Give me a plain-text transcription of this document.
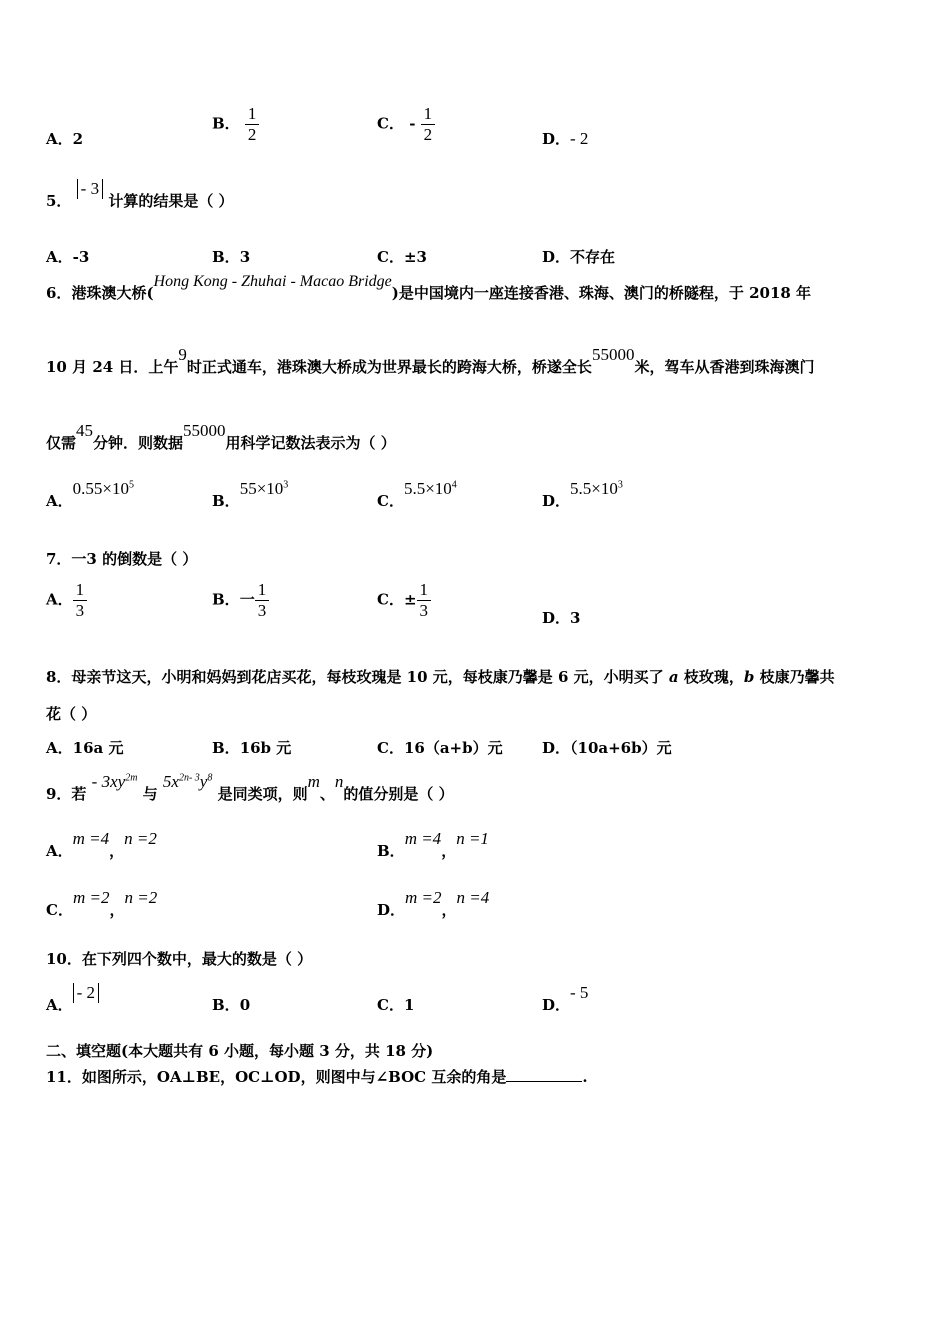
A．2
B． $\frac{1}{2}$	C． - $\frac{1}{2}$	D．- 2
5． - 3 计算的结果是（ ）
A．-3	B．3	C．±3	D．不存在
6．港珠澳大桥(Hong Kong - Zhuhai - Macao Bridge)是中国境内一座连接香港、珠海、澳门的桥隧程，于 2018 年
10 月 24 日．上午9时正式通车，港珠澳大桥成为世界最长的跨海大桥，桥遂全长55000米，驾车从香港到珠海澳门
仅需45分钟．则数据55000用科学记数法表示为（ ）
A．$0.55\times 10^5$
B．$55\times 10^3$
C．$5.5\times 10^4$
D．$5.5\times 10^3$
7．一3 的倒数是（ ）
A． $\frac{1}{3}$	B．一 $\frac{1}{3}$	C．± $\frac{1}{3}$	D．3
8．母亲节这天，小明和妈妈到花店买花，每枝玫瑰是 10 元，每枝康乃馨是 6 元，小明买了 a 枝玫瑰，b 枝康乃馨共
花（ ）
A．16a 元	B．16b 元	C．16（a+b）元	D．（10a+6b）元
9．若 - $3xy^{2m}$ 与 $5x^{2n- 3}y^8$ 是同类项，则m、n的值分别是（ ）
A．m =4，n =2
B．m =4，n =1
C．m =2，n =2
D．m =2，n =4
10．在下列四个数中，最大的数是（ ）
A．- 2
B．0	C．1	D．- 5
二、填空题(本大题共有 6 小题，每小题 3 分，共 18 分)
11．如图所示，OA⊥BE，OC⊥OD，则图中与∠BOC 互余的角是	.
